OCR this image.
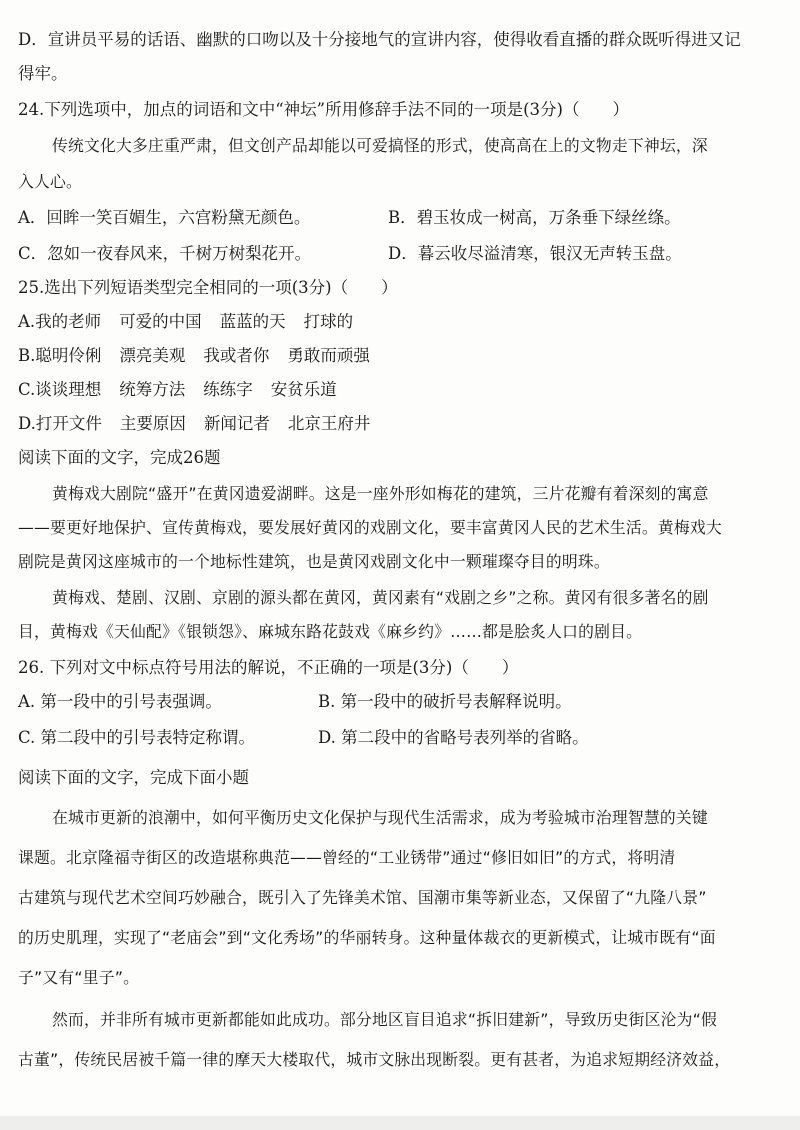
D．宣讲员平易的话语、幽默的口吻以及十分接地气的宣讲内容，使得收看直播的群众既听得进又记
得牢。
24.下列选项中，加点的词语和文中“神坛”所用修辞手法不同的一项是(3分)（　　）
传统文化大多庄重严肃，但文创产品却能以可爱搞怪的形式，使高高在上的文物走下神坛，深
入人心。
A．回眸一笑百媚生，六宫粉黛无颜色。	B．碧玉妆成一树高，万条垂下绿丝绦。
C．忽如一夜春风来，千树万树梨花开。	D．暮云收尽溢清寒，银汉无声转玉盘。
25.选出下列短语类型完全相同的一项(3分)（　　）
A.我的老师 可爱的中国 蓝蓝的天 打球的
B.聪明伶俐 漂亮美观 我或者你 勇敢而顽强
C.谈谈理想 统筹方法 练练字 安贫乐道
D.打开文件 主要原因 新闻记者 北京王府井
阅读下面的文字，完成26题
黄梅戏大剧院“盛开”在黄冈遗爱湖畔。这是一座外形如梅花的建筑，三片花瓣有着深刻的寓意
——要更好地保护、宣传黄梅戏，要发展好黄冈的戏剧文化，要丰富黄冈人民的艺术生活。黄梅戏大
剧院是黄冈这座城市的一个地标性建筑，也是黄冈戏剧文化中一颗璀璨夺目的明珠。
黄梅戏、楚剧、汉剧、京剧的源头都在黄冈，黄冈素有“戏剧之乡”之称。黄冈有很多著名的剧
目，黄梅戏《天仙配》《银锁怨》、麻城东路花鼓戏《麻乡约》……都是脍炙人口的剧目。
26. 下列对文中标点符号用法的解说，不正确的一项是(3分)（　　）
A. 第一段中的引号表强调。	B. 第一段中的破折号表解释说明。
C. 第二段中的引号表特定称谓。	D. 第二段中的省略号表列举的省略。
阅读下面的文字，完成下面小题
在城市更新的浪潮中，如何平衡历史文化保护与现代生活需求，成为考验城市治理智慧的关键
课题。北京隆福寺街区的改造堪称典范——曾经的“工业锈带”通过“修旧如旧”的方式，将明清
古建筑与现代艺术空间巧妙融合，既引入了先锋美术馆、国潮市集等新业态，又保留了“九隆八景”
的历史肌理，实现了“老庙会”到“文化秀场”的华丽转身。这种量体裁衣的更新模式，让城市既有“面
子”又有“里子”。
然而，并非所有城市更新都能如此成功。部分地区盲目追求“拆旧建新”，导致历史街区沦为“假
古董”，传统民居被千篇一律的摩天大楼取代，城市文脉出现断裂。更有甚者，为追求短期经济效益，
